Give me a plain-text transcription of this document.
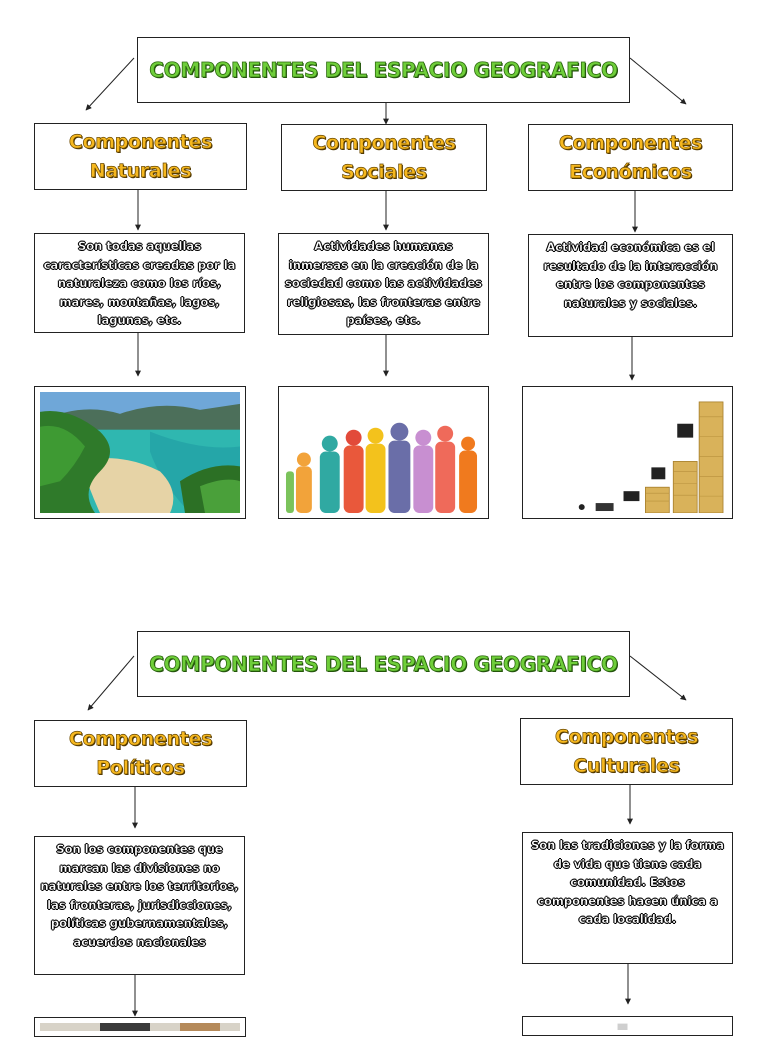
COMPONENTES DEL ESPACIO GEOGRAFICO
Componentes Naturales
Componentes Sociales
Componentes Económicos
Son todas aquellas características creadas por la naturaleza como los ríos, mares, montañas, lagos, lagunas, etc.
Actividades humanas inmersas en la creación de la sociedad como las actividades religiosas, las fronteras entre países, etc.
Actividad económica es el resultado de la interacción entre los componentes naturales y sociales.
COMPONENTES DEL ESPACIO GEOGRAFICO
Componentes Políticos
Componentes Culturales
Son los componentes que marcan las divisiones no naturales entre los territorios, las fronteras, jurisdicciones, políticas gubernamentales, acuerdos nacionales
Son las tradiciones y la forma de vida que tiene cada comunidad. Estos componentes hacen única a cada localidad.
